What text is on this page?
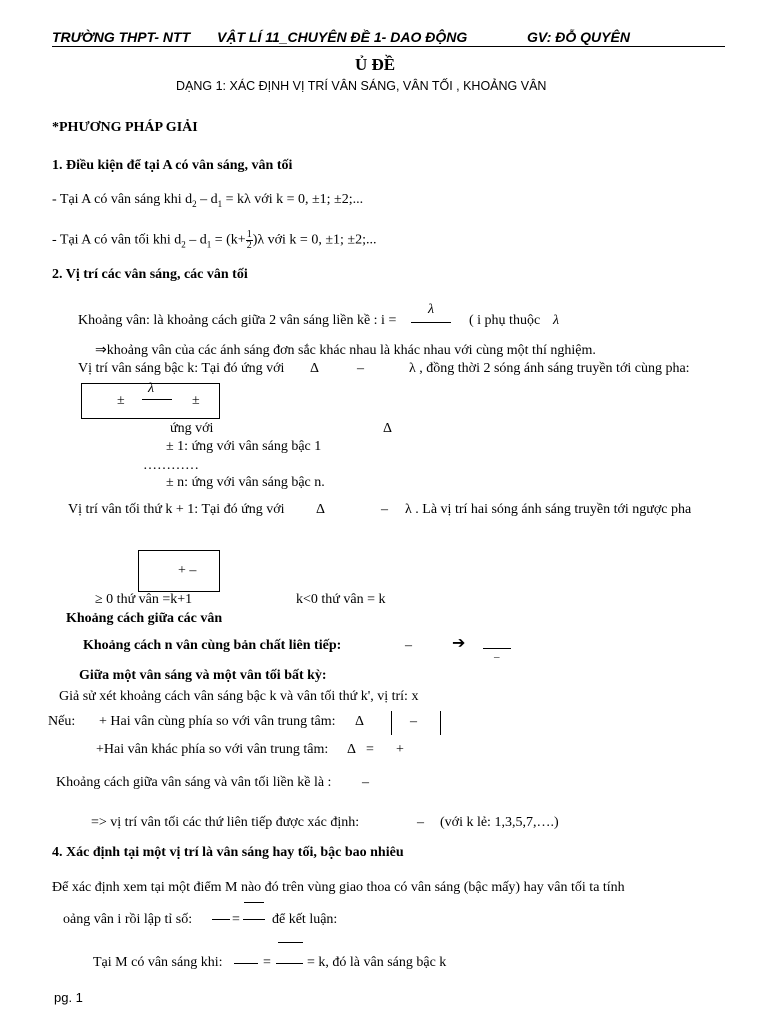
TRƯỜNG THPT- NTT VẬT LÍ 11_CHUYÊN ĐỀ 1- DAO ĐỘNG	GV: ĐỖ QUYÊN
Ủ ĐỀ
DẠNG 1: XÁC ĐỊNH VỊ TRÍ VÂN SÁNG, VÂN TỐI , KHOẢNG VÂN
*PHƯƠNG PHÁP GIẢI
1. Điều kiện để tại A có vân sáng, vân tối
- Tại A có vân sáng khi $d_2 - d_1 = k\lambda$ với k = 0, ±1; ±2;...
- Tại A có vân tối khi $d_2 - d_1 = (k+ \frac{1}{2} )\lambda$ với k = 0, ±1; ±2;...
2. Vị trí các vân sáng, các vân tối
Khoảng vân: là khoảng cách giữa 2 vân sáng liền kề : i =
λ
( i phụ thuộc λ
⇒khoảng vân của các ánh sáng đơn sắc khác nhau là khác nhau với cùng một thí nghiệm.
Vị trí vân sáng bậc k: Tại đó ứng với Δ	–	λ , đồng thời 2 sóng ánh sáng truyền tới cùng pha:
±
λ
±
ứng với	Δ
± 1: ứng với vân sáng bậc 1
…………
± n: ứng với vân sáng bậc n.
Vị trí vân tối thứ k + 1: Tại đó ứng với Δ	– λ . Là vị trí hai sóng ánh sáng truyền tới ngược pha
+ –
≥ 0 thứ vân =k+1	k<0 thứ vân = k
Khoảng cách giữa các vân
Khoảng cách n vân cùng bản chất liên tiếp:	–	➔
–
Giữa một vân sáng và một vân tối bất kỳ:
Giả sử xét khoảng cách vân sáng bậc k và vân tối thứ k', vị trí: x
Nếu: + Hai vân cùng phía so với vân trung tâm: Δ	–
+Hai vân khác phía so với vân trung tâm: Δ = +
Khoảng cách giữa vân sáng và vân tối liền kề là : –
=> vị trí vân tối các thứ liên tiếp được xác định:	– (với k lẻ: 1,3,5,7,….)
4. Xác định tại một vị trí là vân sáng hay tối, bậc bao nhiêu
Để xác định xem tại một điểm M nào đó trên vùng giao thoa có vân sáng (bậc mấy) hay vân tối ta tính
oảng vân i rồi lập tỉ số:	= để kết luận:
Tại M có vân sáng khi:	=	= k, đó là vân sáng bậc k
pg. 1
